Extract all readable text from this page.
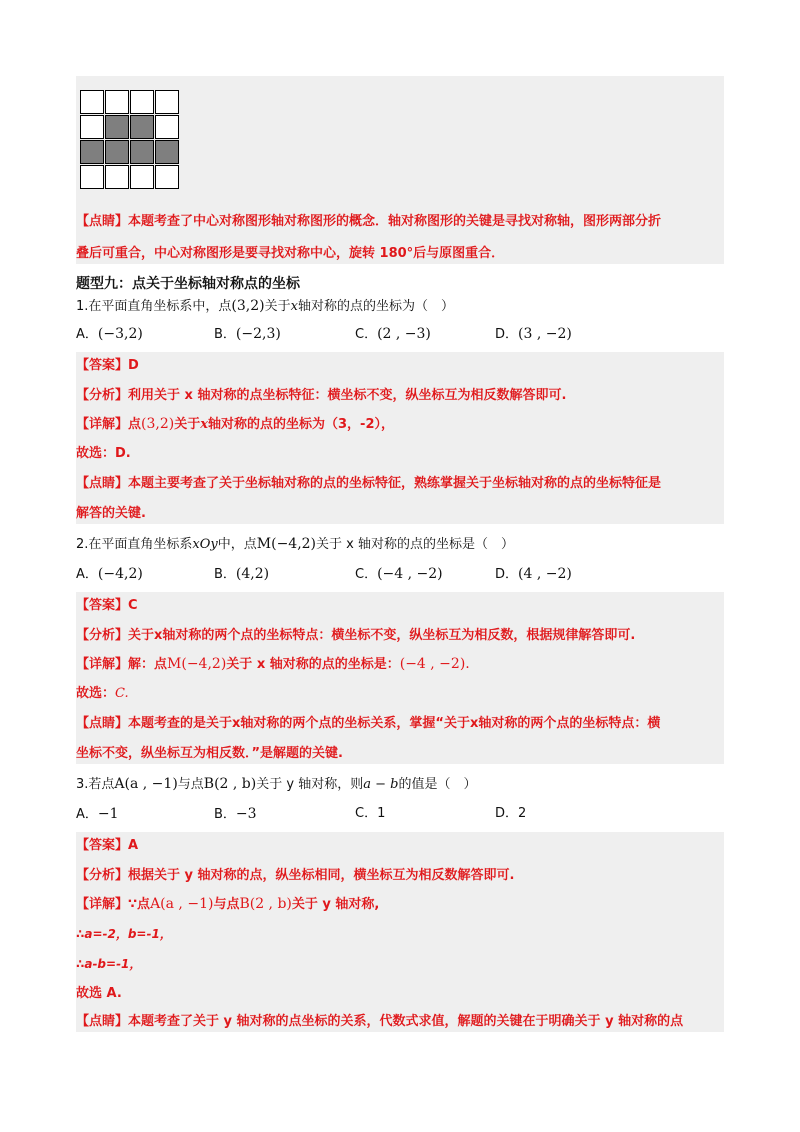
【点睛】本题考查了中心对称图形轴对称图形的概念．轴对称图形的关键是寻找对称轴，图形两部分折
叠后可重合，中心对称图形是要寻找对称中心，旋转 180°后与原图重合．
题型九：点关于坐标轴对称点的坐标
1.在平面直角坐标系中，点(3,2)关于x轴对称的点的坐标为（　）
A．(−3,2)	B．(−2,3)	C．(2 , −3)	D．(3 , −2)
【答案】D
【分析】利用关于 x 轴对称的点坐标特征：横坐标不变，纵坐标互为相反数解答即可.
【详解】点(3,2)关于x轴对称的点的坐标为（3，-2），
故选：D.
【点睛】本题主要考查了关于坐标轴对称的点的坐标特征，熟练掌握关于坐标轴对称的点的坐标特征是
解答的关键.
2.在平面直角坐标系xOy中，点M(−4,2)关于 x 轴对称的点的坐标是（　）
A．(−4,2)	B．(4,2)	C．(−4 , −2)	D．(4 , −2)
【答案】C
【分析】关于x轴对称的两个点的坐标特点：横坐标不变，纵坐标互为相反数，根据规律解答即可.
【详解】解：点M(−4,2)关于 x 轴对称的点的坐标是：(−4 , −2).
故选：C.
【点睛】本题考查的是关于x轴对称的两个点的坐标关系，掌握“关于x轴对称的两个点的坐标特点：横
坐标不变，纵坐标互为相反数．”是解题的关键.
3.若点A(a , −1)与点B(2 , b)关于 y 轴对称，则a − b的值是（　）
A．−1	B．−3	C．1	D．2
【答案】A
【分析】根据关于 y 轴对称的点，纵坐标相同，横坐标互为相反数解答即可.
【详解】∵点A(a , −1)与点B(2 , b)关于 y 轴对称,
∴a=-2，b=-1，
∴a-b=-1，
故选 A.
【点睛】本题考查了关于 y 轴对称的点坐标的关系，代数式求值，解题的关键在于明确关于 y 轴对称的点
